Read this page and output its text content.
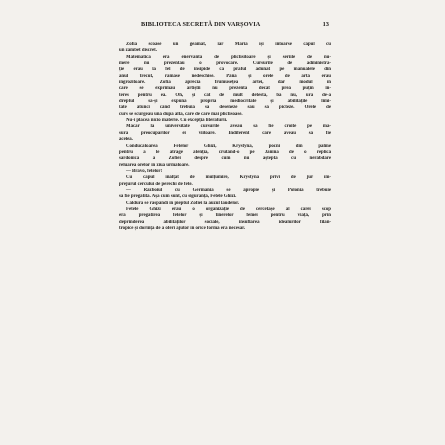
BIBLIOTECA SECRETĂ DIN VARȘOVIA	13
Zofia scoase un geamăt, iar Maria își întoarse capul cu
un zâmbet discret.
Matematica era enervantă de plictisitoare și seriile de nu-
mere nu prezentau o provocare. Cursurile de administra-
ție erau la fel de insipide ca praful adunat pe manualele din
anul trecut, rămase nedeschise. Până și orele de artă erau
îngrozitoare. Zofia aprecia frumusețea artei, dar modul în
care se exprimau artiștii nu prezenta decât prea puțin in-
teres pentru ea. Oh, și cât de mult detesta, ba nu, ura de-a
dreptul să-și expună propria mediocritate și abilitățile limi-
tate atunci când trebuia să deseneze sau să picteze. Orele de
curs se scurgeau una după alta, care de care mai plictisoase.
Nu-i plăcea nicio materie. Cu excepția literaturii.
Măcar la universitate cursurile aveau să fie croite pe mă-
sura preocupărilor ei viitoare. Indiferent care aveau să fie
acelea.
Conducătoarea Fetelor Ghizi, Krystyna, pocni din palme
pentru a le atrage atenția, crutând-o pe Janina de o replică
sardonică a Zofiei despre cum nu aștepta cu nerăbdare
reluarea orelor în ziua următoare.
— Bravo, fetelor!
Cu capul înălțat de mulțumire, Krystyna privi de jur îm-
prejurul cercului de perechi de fete.
— Războiul cu Germania se apropie și Polonia trebuie
să fie pregătită. Așa cum sunt, cu siguranță, Fetele Ghizi.
Căldura se răspândi în pieptul Zofiei la auzul laudelor.
Fetele Ghizi erau o organizație de cercetașe al cărei scop
era pregătirea fetelor și tinerelor femei pentru viață, prin
deprinderea abilităților sociale, insuflarea idealurilor filan-
tropice și dorința de a oferi ajutor în orice formă era necesar.
